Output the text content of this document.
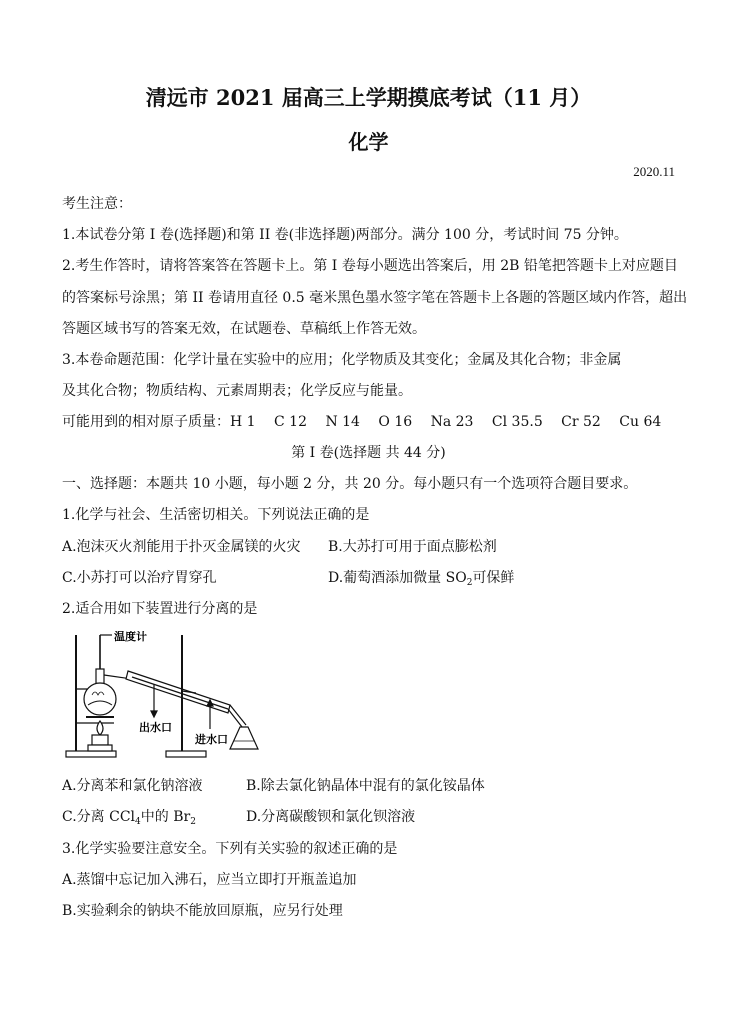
清远市 2021 届高三上学期摸底考试（11 月）
化学
2020.11
考生注意：
1.本试卷分第 I 卷(选择题)和第 II 卷(非选择题)两部分。满分 100 分，考试时间 75 分钟。
2.考生作答时，请将答案答在答题卡上。第 I 卷每小题选出答案后，用 2B 铅笔把答题卡上对应题目
的答案标号涂黑；第 II 卷请用直径 0.5 毫米黑色墨水签字笔在答题卡上各题的答题区域内作答，超出
答题区域书写的答案无效，在试题卷、草稿纸上作答无效。
3.本卷命题范围：化学计量在实验中的应用；化学物质及其变化；金属及其化合物；非金属
及其化合物；物质结构、元素周期表；化学反应与能量。
可能用到的相对原子质量：H 1　 C 12　 N 14　 O 16　 Na 23　 Cl 35.5　 Cr 52　 Cu 64
第 I 卷(选择题 共 44 分)
一、选择题：本题共 10 小题，每小题 2 分，共 20 分。每小题只有一个选项符合题目要求。
1.化学与社会、生活密切相关。下列说法正确的是
A.泡沫灭火剂能用于扑灭金属镁的火灾 B.大苏打可用于面点膨松剂
C.小苏打可以治疗胃穿孔	D.葡萄酒添加微量 $SO_2$可保鲜
2.适合用如下装置进行分离的是
温度计
出水口
进水口
A.分离苯和氯化钠溶液	B.除去氯化钠晶体中混有的氯化铵晶体
C.分离 CCl$_4$中的 $Br_2$	D.分离碳酸钡和氯化钡溶液
3.化学实验要注意安全。下列有关实验的叙述正确的是
A.蒸馏中忘记加入沸石，应当立即打开瓶盖追加
B.实验剩余的钠块不能放回原瓶，应另行处理
